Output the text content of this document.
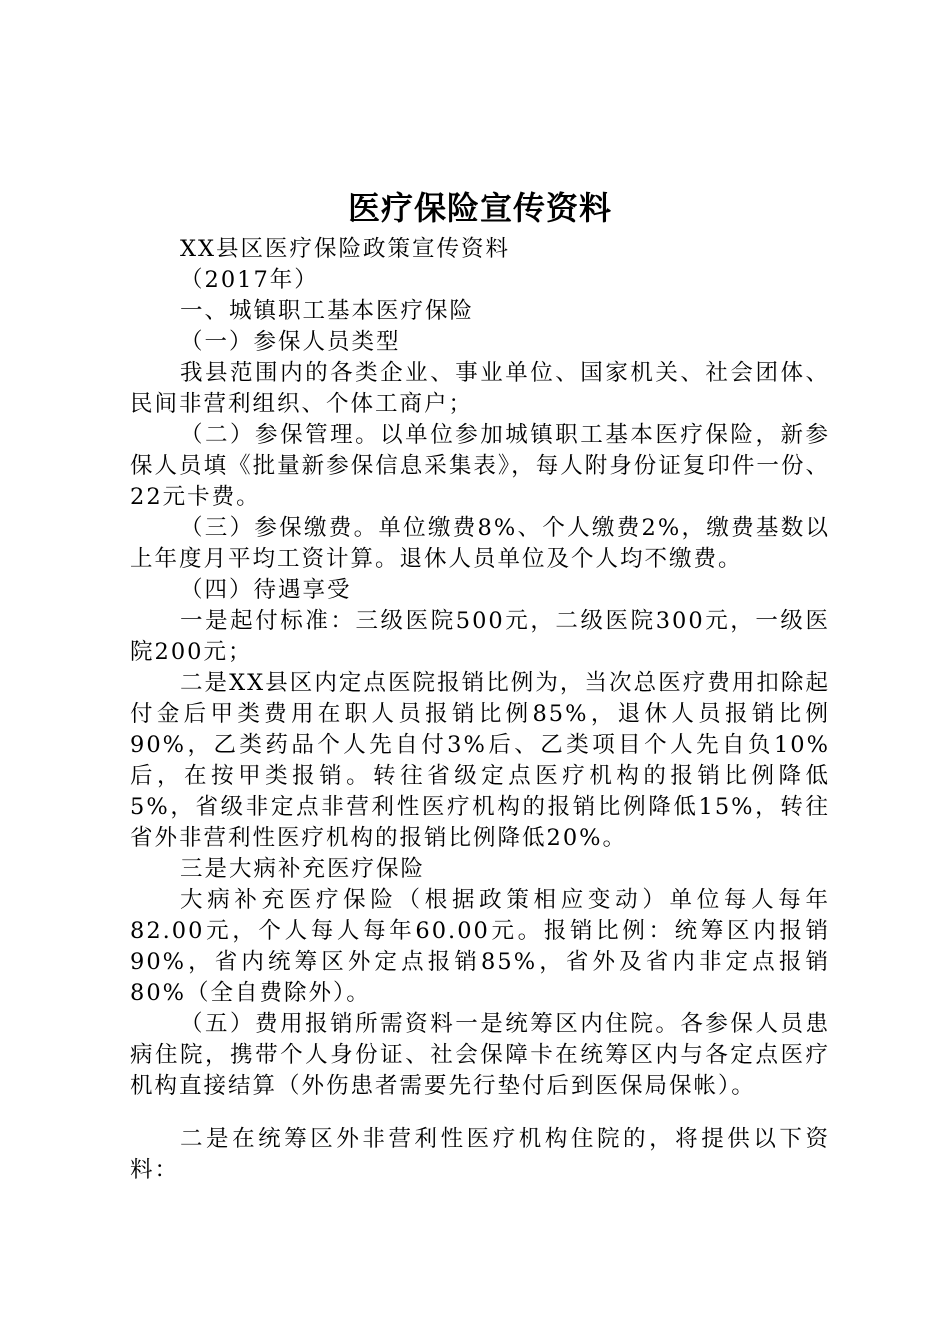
医疗保险宣传资料

XX县区医疗保险政策宣传资料

（2017年）

一、城镇职工基本医疗保险

（一）参保人员类型

我县范围内的各类企业、事业单位、国家机关、社会团体、民间非营利组织、个体工商户；

（二）参保管理。以单位参加城镇职工基本医疗保险，新参保人员填《批量新参保信息采集表》，每人附身份证复印件一份、22元卡费。

（三）参保缴费。单位缴费8%、个人缴费2%，缴费基数以上年度月平均工资计算。退休人员单位及个人均不缴费。

（四）待遇享受

一是起付标准：三级医院500元，二级医院300元，一级医院200元；

二是XX县区内定点医院报销比例为，当次总医疗费用扣除起付金后甲类费用在职人员报销比例85%，退休人员报销比例90%，乙类药品个人先自付3%后、乙类项目个人先自负10%后，在按甲类报销。转往省级定点医疗机构的报销比例降低5%，省级非定点非营利性医疗机构的报销比例降低15%，转往省外非营利性医疗机构的报销比例降低20%。

三是大病补充医疗保险

大病补充医疗保险（根据政策相应变动）单位每人每年82.00元，个人每人每年60.00元。报销比例：统筹区内报销90%，省内统筹区外定点报销85%，省外及省内非定点报销80%（全自费除外）。

（五）费用报销所需资料一是统筹区内住院。各参保人员患病住院，携带个人身份证、社会保障卡在统筹区内与各定点医疗机构直接结算（外伤患者需要先行垫付后到医保局保帐）。

二是在统筹区外非营利性医疗机构住院的，将提供以下资料：
